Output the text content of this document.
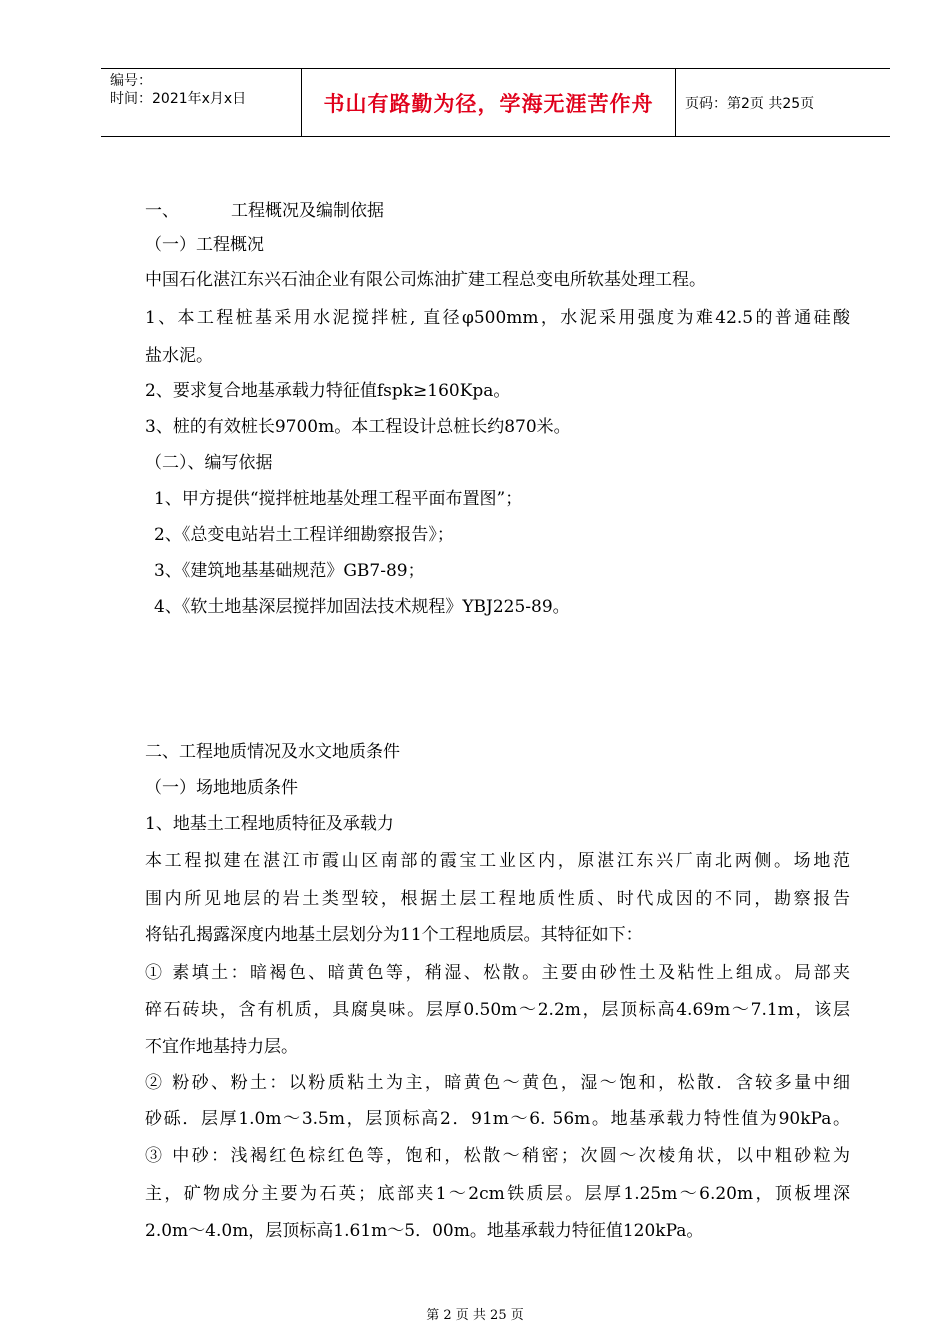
编号：
时间：2021年x月x日	书山有路勤为径，学海无涯苦作舟	页码：第2页 共25页
一、	工程概况及编制依据
（一）工程概况
中国石化湛江东兴石油企业有限公司炼油扩建工程总变电所软基处理工程。
1、本工程桩基采用水泥搅拌桩, 直径φ500mm，水泥采用强度为难42.5的普通硅酸
盐水泥。
2、要求复合地基承载力特征值fspk≥160Kpa。
3、桩的有效桩长9700m。本工程设计总桩长约870米。
（二）、编写依据
1、甲方提供“搅拌桩地基处理工程平面布置图”；
2、《总变电站岩土工程详细勘察报告》；
3、《建筑地基基础规范》GB7-89；
4、《软土地基深层搅拌加固法技术规程》YBJ225-89。
二、工程地质情况及水文地质条件
（一）场地地质条件
1、地基土工程地质特征及承载力
本工程拟建在湛江市霞山区南部的霞宝工业区内，原湛江东兴厂南北两侧。场地范
围内所见地层的岩土类型较，根据土层工程地质性质、时代成因的不同，勘察报告
将钻孔揭露深度内地基土层划分为11个工程地质层。其特征如下：
① 素填土：暗褐色、暗黄色等，稍湿、松散。主要由砂性土及粘性上组成。局部夹
碎石砖块，含有机质，具腐臭味。层厚0.50m～2.2m，层顶标高4.69m～7.1m，该层
不宜作地基持力层。
② 粉砂、粉土：以粉质粘土为主，暗黄色～黄色，湿～饱和，松散．含较多量中细
砂砾．层厚1.0m～3.5m，层顶标高2．91m～6. 56m。地基承载力特性值为90kPa。
③ 中砂：浅褐红色棕红色等，饱和，松散～稍密；次圆～次棱角状，以中粗砂粒为
主，矿物成分主要为石英；底部夹1～2cm铁质层。层厚1.25m～6.20m，顶板埋深
2.0m～4.0m，层顶标高1.61m～5．00m。地基承载力特征值120kPa。
第 2 页 共 25 页
